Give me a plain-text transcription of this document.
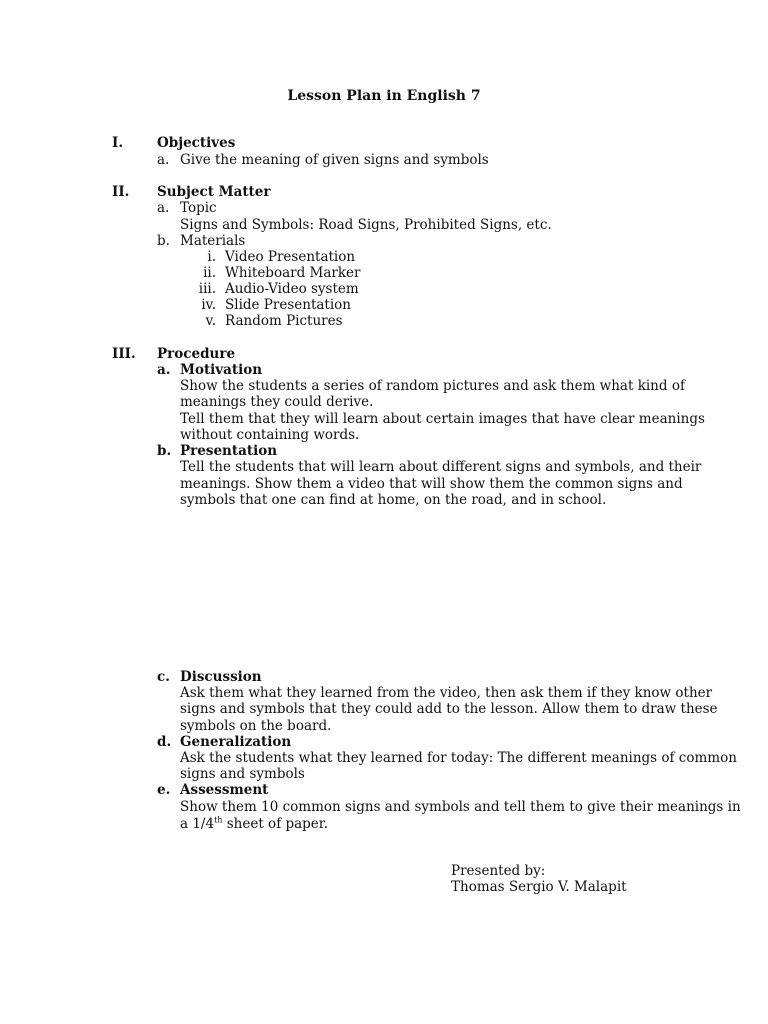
Lesson Plan in English 7
I.	Objectives
a. Give the meaning of given signs and symbols
II. Subject Matter
a. Topic
Signs and Symbols: Road Signs, Prohibited Signs, etc.
b. Materials
i. Video Presentation
ii. Whiteboard Marker
iii. Audio-Video system
iv. Slide Presentation
v. Random Pictures
III. Procedure
a. Motivation
Show the students a series of random pictures and ask them what kind of
meanings they could derive.
Tell them that they will learn about certain images that have clear meanings
without containing words.
b. Presentation
Tell the students that will learn about different signs and symbols, and their
meanings. Show them a video that will show them the common signs and
symbols that one can find at home, on the road, and in school.
c. Discussion
Ask them what they learned from the video, then ask them if they know other
signs and symbols that they could add to the lesson. Allow them to draw these
symbols on the board.
d. Generalization
Ask the students what they learned for today: The different meanings of common
signs and symbols
e. Assessment
Show them 10 common signs and symbols and tell them to give their meanings in
a 1/4th sheet of paper.
Presented by:
Thomas Sergio V. Malapit
